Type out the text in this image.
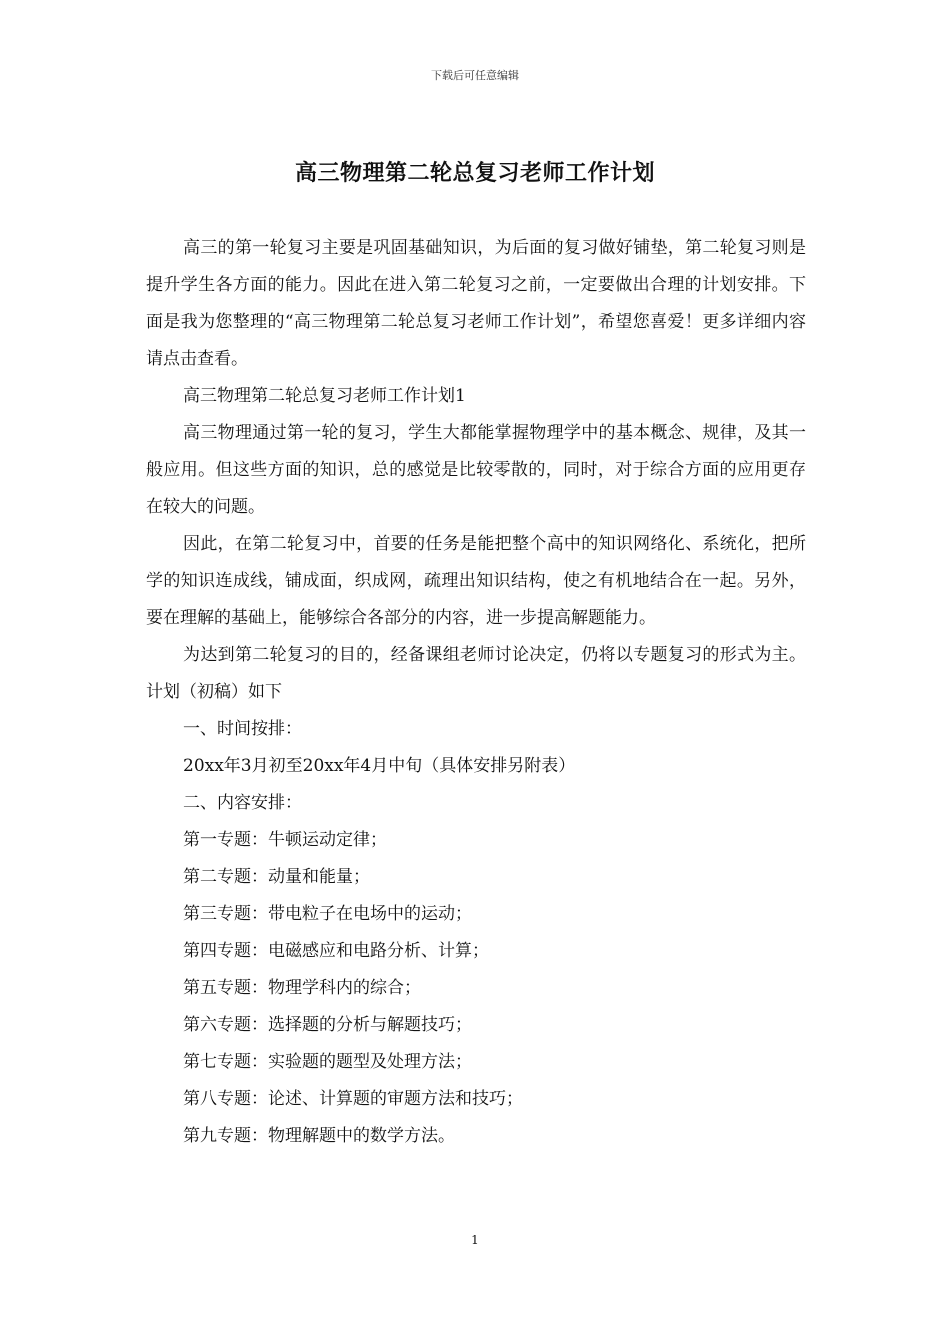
下载后可任意编辑
高三物理第二轮总复习老师工作计划

高三的第一轮复习主要是巩固基础知识，为后面的复习做好铺垫，第二轮复习则是提升学生各方面的能力。因此在进入第二轮复习之前，一定要做出合理的计划安排。下面是我为您整理的“高三物理第二轮总复习老师工作计划”，希望您喜爱！更多详细内容请点击查看。

高三物理第二轮总复习老师工作计划1

高三物理通过第一轮的复习，学生大都能掌握物理学中的基本概念、规律，及其一般应用。但这些方面的知识，总的感觉是比较零散的，同时，对于综合方面的应用更存在较大的问题。

因此，在第二轮复习中，首要的任务是能把整个高中的知识网络化、系统化，把所学的知识连成线，铺成面，织成网，疏理出知识结构，使之有机地结合在一起。另外，要在理解的基础上，能够综合各部分的内容，进一步提高解题能力。

为达到第二轮复习的目的，经备课组老师讨论决定，仍将以专题复习的形式为主。计划（初稿）如下

一、时间按排：

20xx年3月初至20xx年4月中旬（具体安排另附表）

二、内容安排：

第一专题：牛顿运动定律；

第二专题：动量和能量；

第三专题：带电粒子在电场中的运动；

第四专题：电磁感应和电路分析、计算；

第五专题：物理学科内的综合；

第六专题：选择题的分析与解题技巧；

第七专题：实验题的题型及处理方法；

第八专题：论述、计算题的审题方法和技巧；

第九专题：物理解题中的数学方法。

1
